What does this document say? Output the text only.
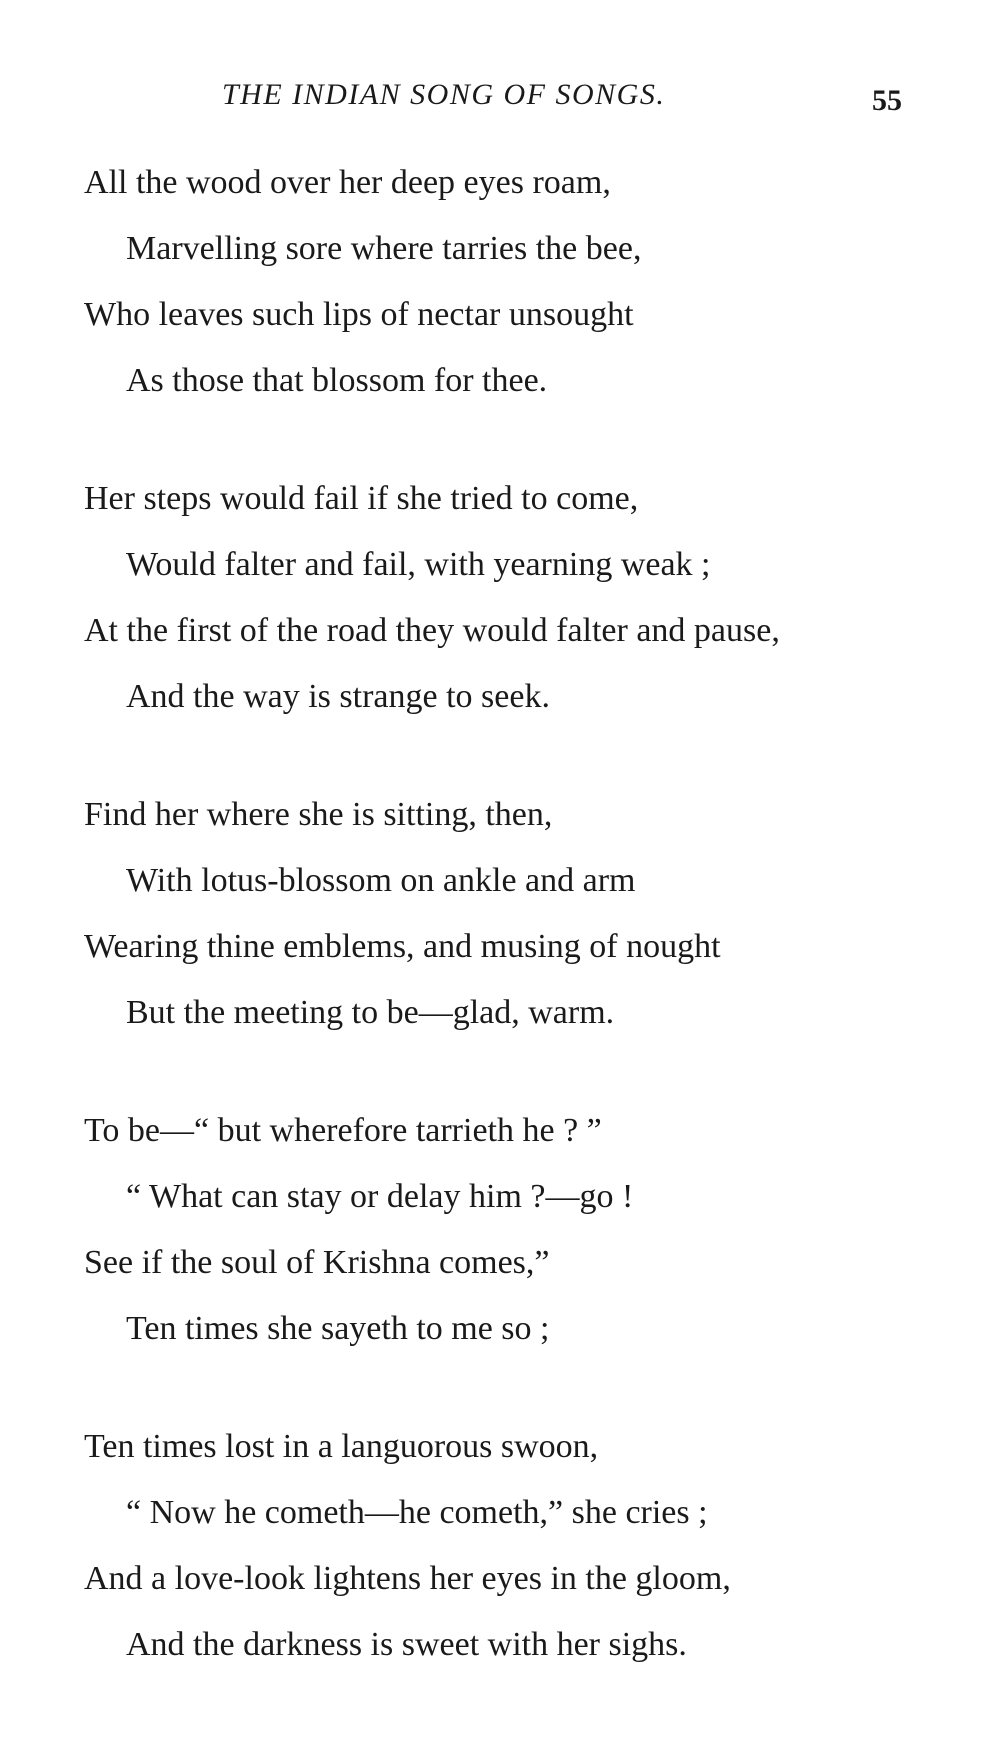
THE INDIAN SONG OF SONGS.	55
All the wood over her deep eyes roam,
Marvelling sore where tarries the bee,
Who leaves such lips of nectar unsought
As those that blossom for thee.
Her steps would fail if she tried to come,
Would falter and fail, with yearning weak ;
At the first of the road they would falter and pause,
And the way is strange to seek.
Find her where she is sitting, then,
With lotus-blossom on ankle and arm
Wearing thine emblems, and musing of nought
But the meeting to be—glad, warm.
To be—“ but wherefore tarrieth he ? ”
“ What can stay or delay him ?—go !
See if the soul of Krishna comes,”
Ten times she sayeth to me so ;
Ten times lost in a languorous swoon,
“ Now he cometh—he cometh,” she cries ;
And a love-look lightens her eyes in the gloom,
And the darkness is sweet with her sighs.
